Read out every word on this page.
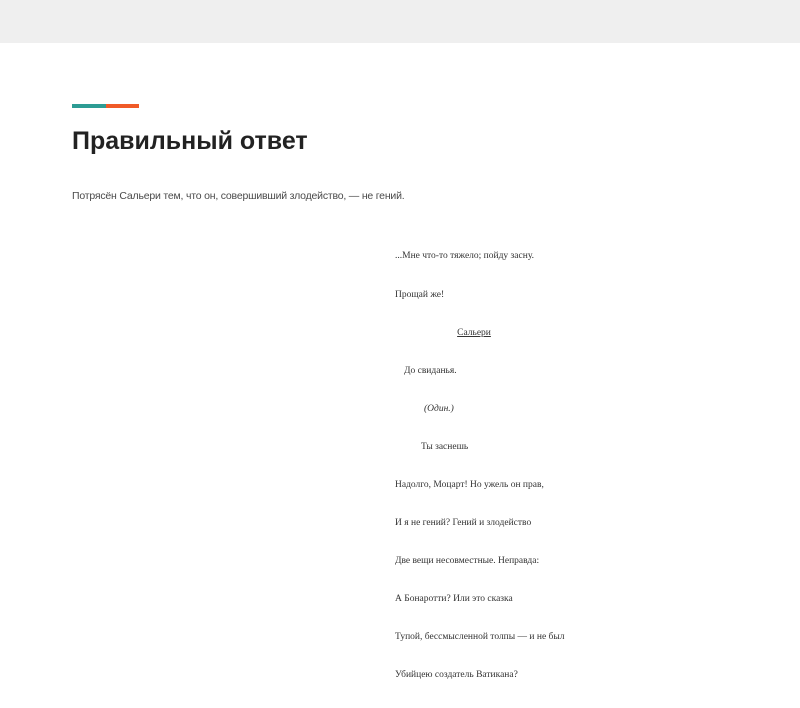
Правильный ответ

Потрясён Сальери тем, что он, совершивший злодейство, — не гений.

...Мне что-то тяжело; пойду засну.

Прощай же!

Сальери

До свиданья.

(Один.)

Ты заснешь

Надолго, Моцарт! Но ужель он прав,

И я не гений? Гений и злодейство

Две вещи несовместные. Неправда:

А Бонаротти? Или это сказка

Тупой, бессмысленной толпы — и не был

Убийцею создатель Ватикана?
